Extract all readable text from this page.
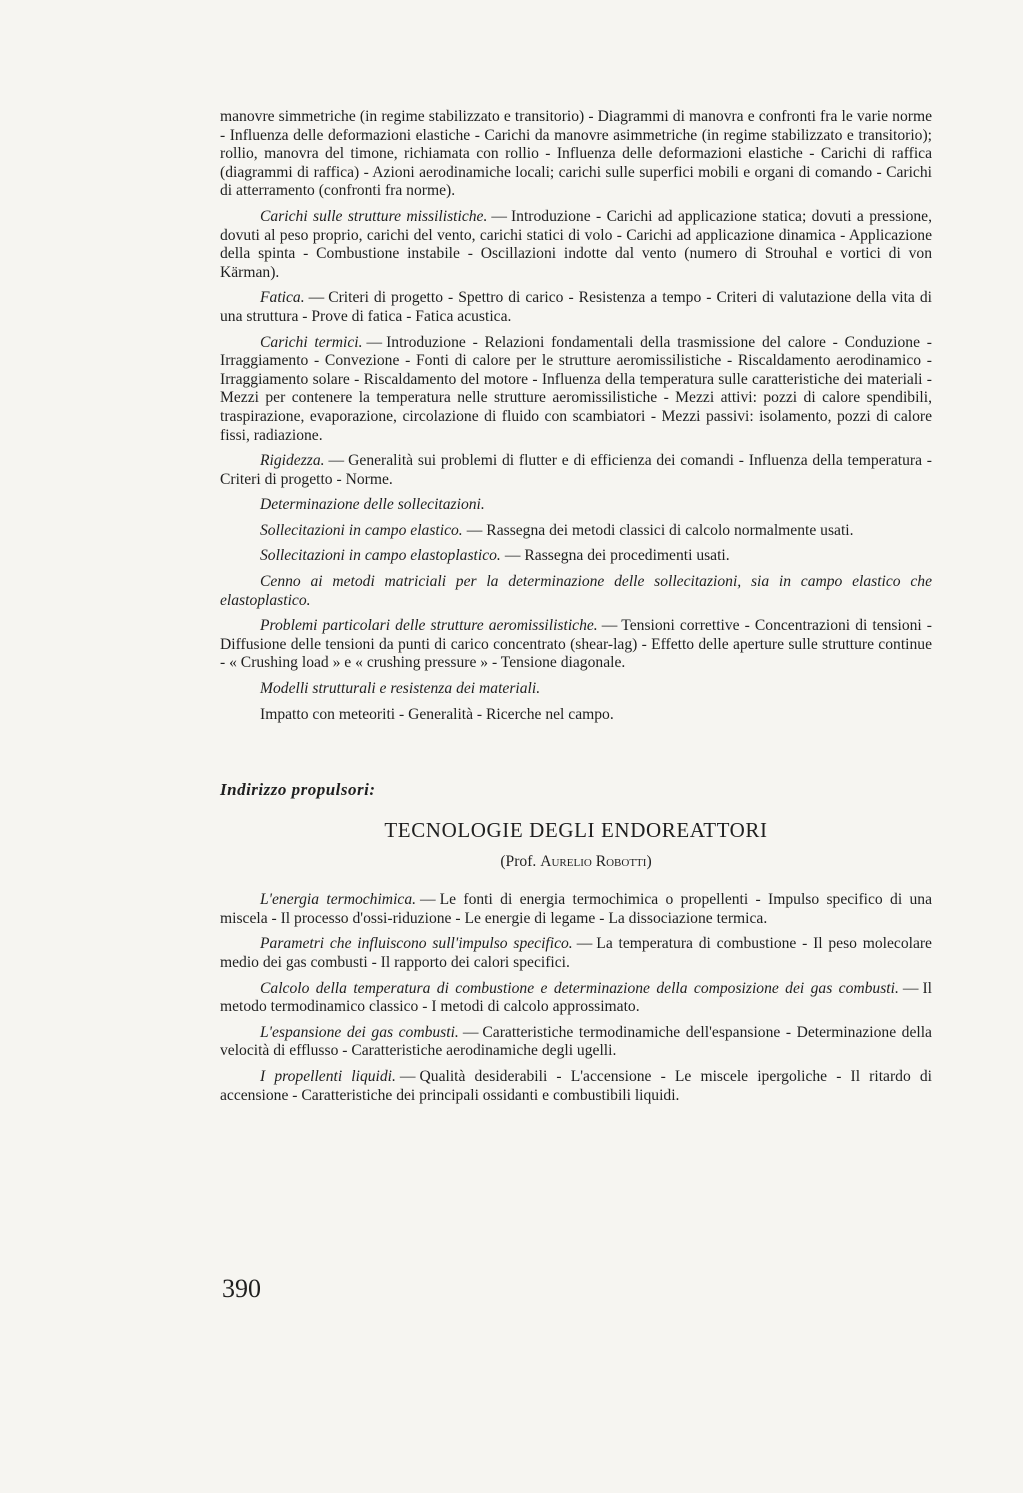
manovre simmetriche (in regime stabilizzato e transitorio) - Diagrammi di manovra e confronti fra le varie norme - Influenza delle deformazioni elastiche - Carichi da manovre asimmetriche (in regime stabilizzato e transitorio); rollio, manovra del timone, richiamata con rollio - Influenza delle deformazioni elastiche - Carichi di raffica (diagrammi di raffica) - Azioni aerodinamiche locali; carichi sulle superfici mobili e organi di comando - Carichi di atterramento (confronti fra norme).

Carichi sulle strutture missilistiche. — Introduzione - Carichi ad applicazione statica; dovuti a pressione, dovuti al peso proprio, carichi del vento, carichi statici di volo - Carichi ad applicazione dinamica - Applicazione della spinta - Combustione instabile - Oscillazioni indotte dal vento (numero di Strouhal e vortici di von Kärman).

Fatica. — Criteri di progetto - Spettro di carico - Resistenza a tempo - Criteri di valutazione della vita di una struttura - Prove di fatica - Fatica acustica.

Carichi termici. — Introduzione - Relazioni fondamentali della trasmissione del calore - Conduzione - Irraggiamento - Convezione - Fonti di calore per le strutture aeromissilistiche - Riscaldamento aerodinamico - Irraggiamento solare - Riscaldamento del motore - Influenza della temperatura sulle caratteristiche dei materiali - Mezzi per contenere la temperatura nelle strutture aeromissilistiche - Mezzi attivi: pozzi di calore spendibili, traspirazione, evaporazione, circolazione di fluido con scambiatori - Mezzi passivi: isolamento, pozzi di calore fissi, radiazione.

Rigidezza. — Generalità sui problemi di flutter e di efficienza dei comandi - Influenza della temperatura - Criteri di progetto - Norme.

Determinazione delle sollecitazioni.

Sollecitazioni in campo elastico. — Rassegna dei metodi classici di calcolo normalmente usati.

Sollecitazioni in campo elastoplastico. — Rassegna dei procedimenti usati.

Cenno ai metodi matriciali per la determinazione delle sollecitazioni, sia in campo elastico che elastoplastico.

Problemi particolari delle strutture aeromissilistiche. — Tensioni correttive - Concentrazioni di tensioni - Diffusione delle tensioni da punti di carico concentrato (shear-lag) - Effetto delle aperture sulle strutture continue - « Crushing load » e « crushing pressure » - Tensione diagonale.

Modelli strutturali e resistenza dei materiali.

Impatto con meteoriti - Generalità - Ricerche nel campo.

Indirizzo propulsori:
TECNOLOGIE DEGLI ENDOREATTORI
(Prof. Aurelio Robotti)

L'energia termochimica. — Le fonti di energia termochimica o propellenti - Impulso specifico di una miscela - Il processo d'ossi-riduzione - Le energie di legame - La dissociazione termica.

Parametri che influiscono sull'impulso specifico. — La temperatura di combustione - Il peso molecolare medio dei gas combusti - Il rapporto dei calori specifici.

Calcolo della temperatura di combustione e determinazione della composizione dei gas combusti. — Il metodo termodinamico classico - I metodi di calcolo approssimato.

L'espansione dei gas combusti. — Caratteristiche termodinamiche dell'espansione - Determinazione della velocità di efflusso - Caratteristiche aerodinamiche degli ugelli.

I propellenti liquidi. — Qualità desiderabili - L'accensione - Le miscele ipergoliche - Il ritardo di accensione - Caratteristiche dei principali ossidanti e combustibili liquidi.

390
